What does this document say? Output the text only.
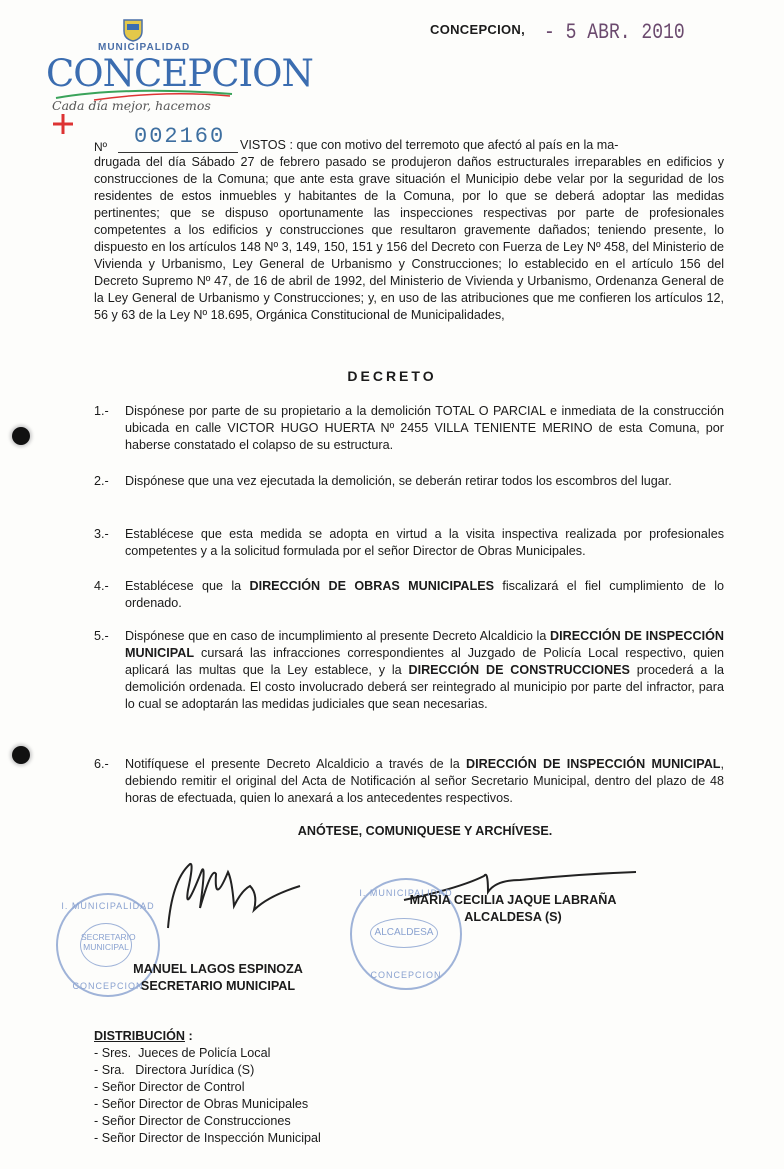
MUNICIPALIDAD
CONCEPCION
Cada día mejor, hacemos
CONCEPCION, - 5 ABR. 2010
Nº 002160 VISTOS : que con motivo del terremoto que afectó al país en la ma-
drugada del día Sábado 27 de febrero pasado se produjeron daños estructurales irreparables en edificios y construcciones de la Comuna; que ante esta grave situación el Municipio debe velar por la seguridad de los residentes de estos inmuebles y habitantes de la Comuna, por lo que se deberá adoptar las medidas pertinentes; que se dispuso oportunamente las inspecciones respectivas por parte de profesionales competentes a los edificios y construcciones que resultaron gravemente dañados; teniendo presente, lo dispuesto en los artículos 148 Nº 3, 149, 150, 151 y 156 del Decreto con Fuerza de Ley Nº 458, del Ministerio de Vivienda y Urbanismo, Ley General de Urbanismo y Construcciones; lo establecido en el artículo 156 del Decreto Supremo Nº 47, de 16 de abril de 1992, del Ministerio de Vivienda y Urbanismo, Ordenanza General de la Ley General de Urbanismo y Construcciones; y, en uso de las atribuciones que me confieren los artículos 12, 56 y 63 de la Ley Nº 18.695, Orgánica Constitucional de Municipalidades,
DECRETO
1.- Dispónese por parte de su propietario a la demolición TOTAL O PARCIAL e inmediata de la construcción ubicada en calle VICTOR HUGO HUERTA Nº 2455 VILLA TENIENTE MERINO de esta Comuna, por haberse constatado el colapso de su estructura.
2.- Dispónese que una vez ejecutada la demolición, se deberán retirar todos los escombros del lugar.
3.- Establécese que esta medida se adopta en virtud a la visita inspectiva realizada por profesionales competentes y a la solicitud formulada por el señor Director de Obras Municipales.
4.- Establécese que la DIRECCIÓN DE OBRAS MUNICIPALES fiscalizará el fiel cumplimiento de lo ordenado.
5.- Dispónese que en caso de incumplimiento al presente Decreto Alcaldicio la DIRECCIÓN DE INSPECCIÓN MUNICIPAL cursará las infracciones correspondientes al Juzgado de Policía Local respectivo, quien aplicará las multas que la Ley establece, y la DIRECCIÓN DE CONSTRUCCIONES procederá a la demolición ordenada. El costo involucrado deberá ser reintegrado al municipio por parte del infractor, para lo cual se adoptarán las medidas judiciales que sean necesarias.
6.- Notifíquese el presente Decreto Alcaldicio a través de la DIRECCIÓN DE INSPECCIÓN MUNICIPAL, debiendo remitir el original del Acta de Notificación al señor Secretario Municipal, dentro del plazo de 48 horas de efectuada, quien lo anexará a los antecedentes respectivos.
ANÓTESE, COMUNIQUESE Y ARCHÍVESE.
I. MUNICIPALIDAD
SECRETARIO MUNICIPAL
CONCEPCION
I. MUNICIPALIDAD
ALCALDESA
CONCEPCION
MARIA CECILIA JAQUE LABRAÑA
ALCALDESA (S)
MANUEL LAGOS ESPINOZA
SECRETARIO MUNICIPAL
DISTRIBUCIÓN :
- Sres.  Jueces de Policía Local
- Sra.   Directora Jurídica (S)
- Señor Director de Control
- Señor Director de Obras Municipales
- Señor Director de Construcciones
- Señor Director de Inspección Municipal
